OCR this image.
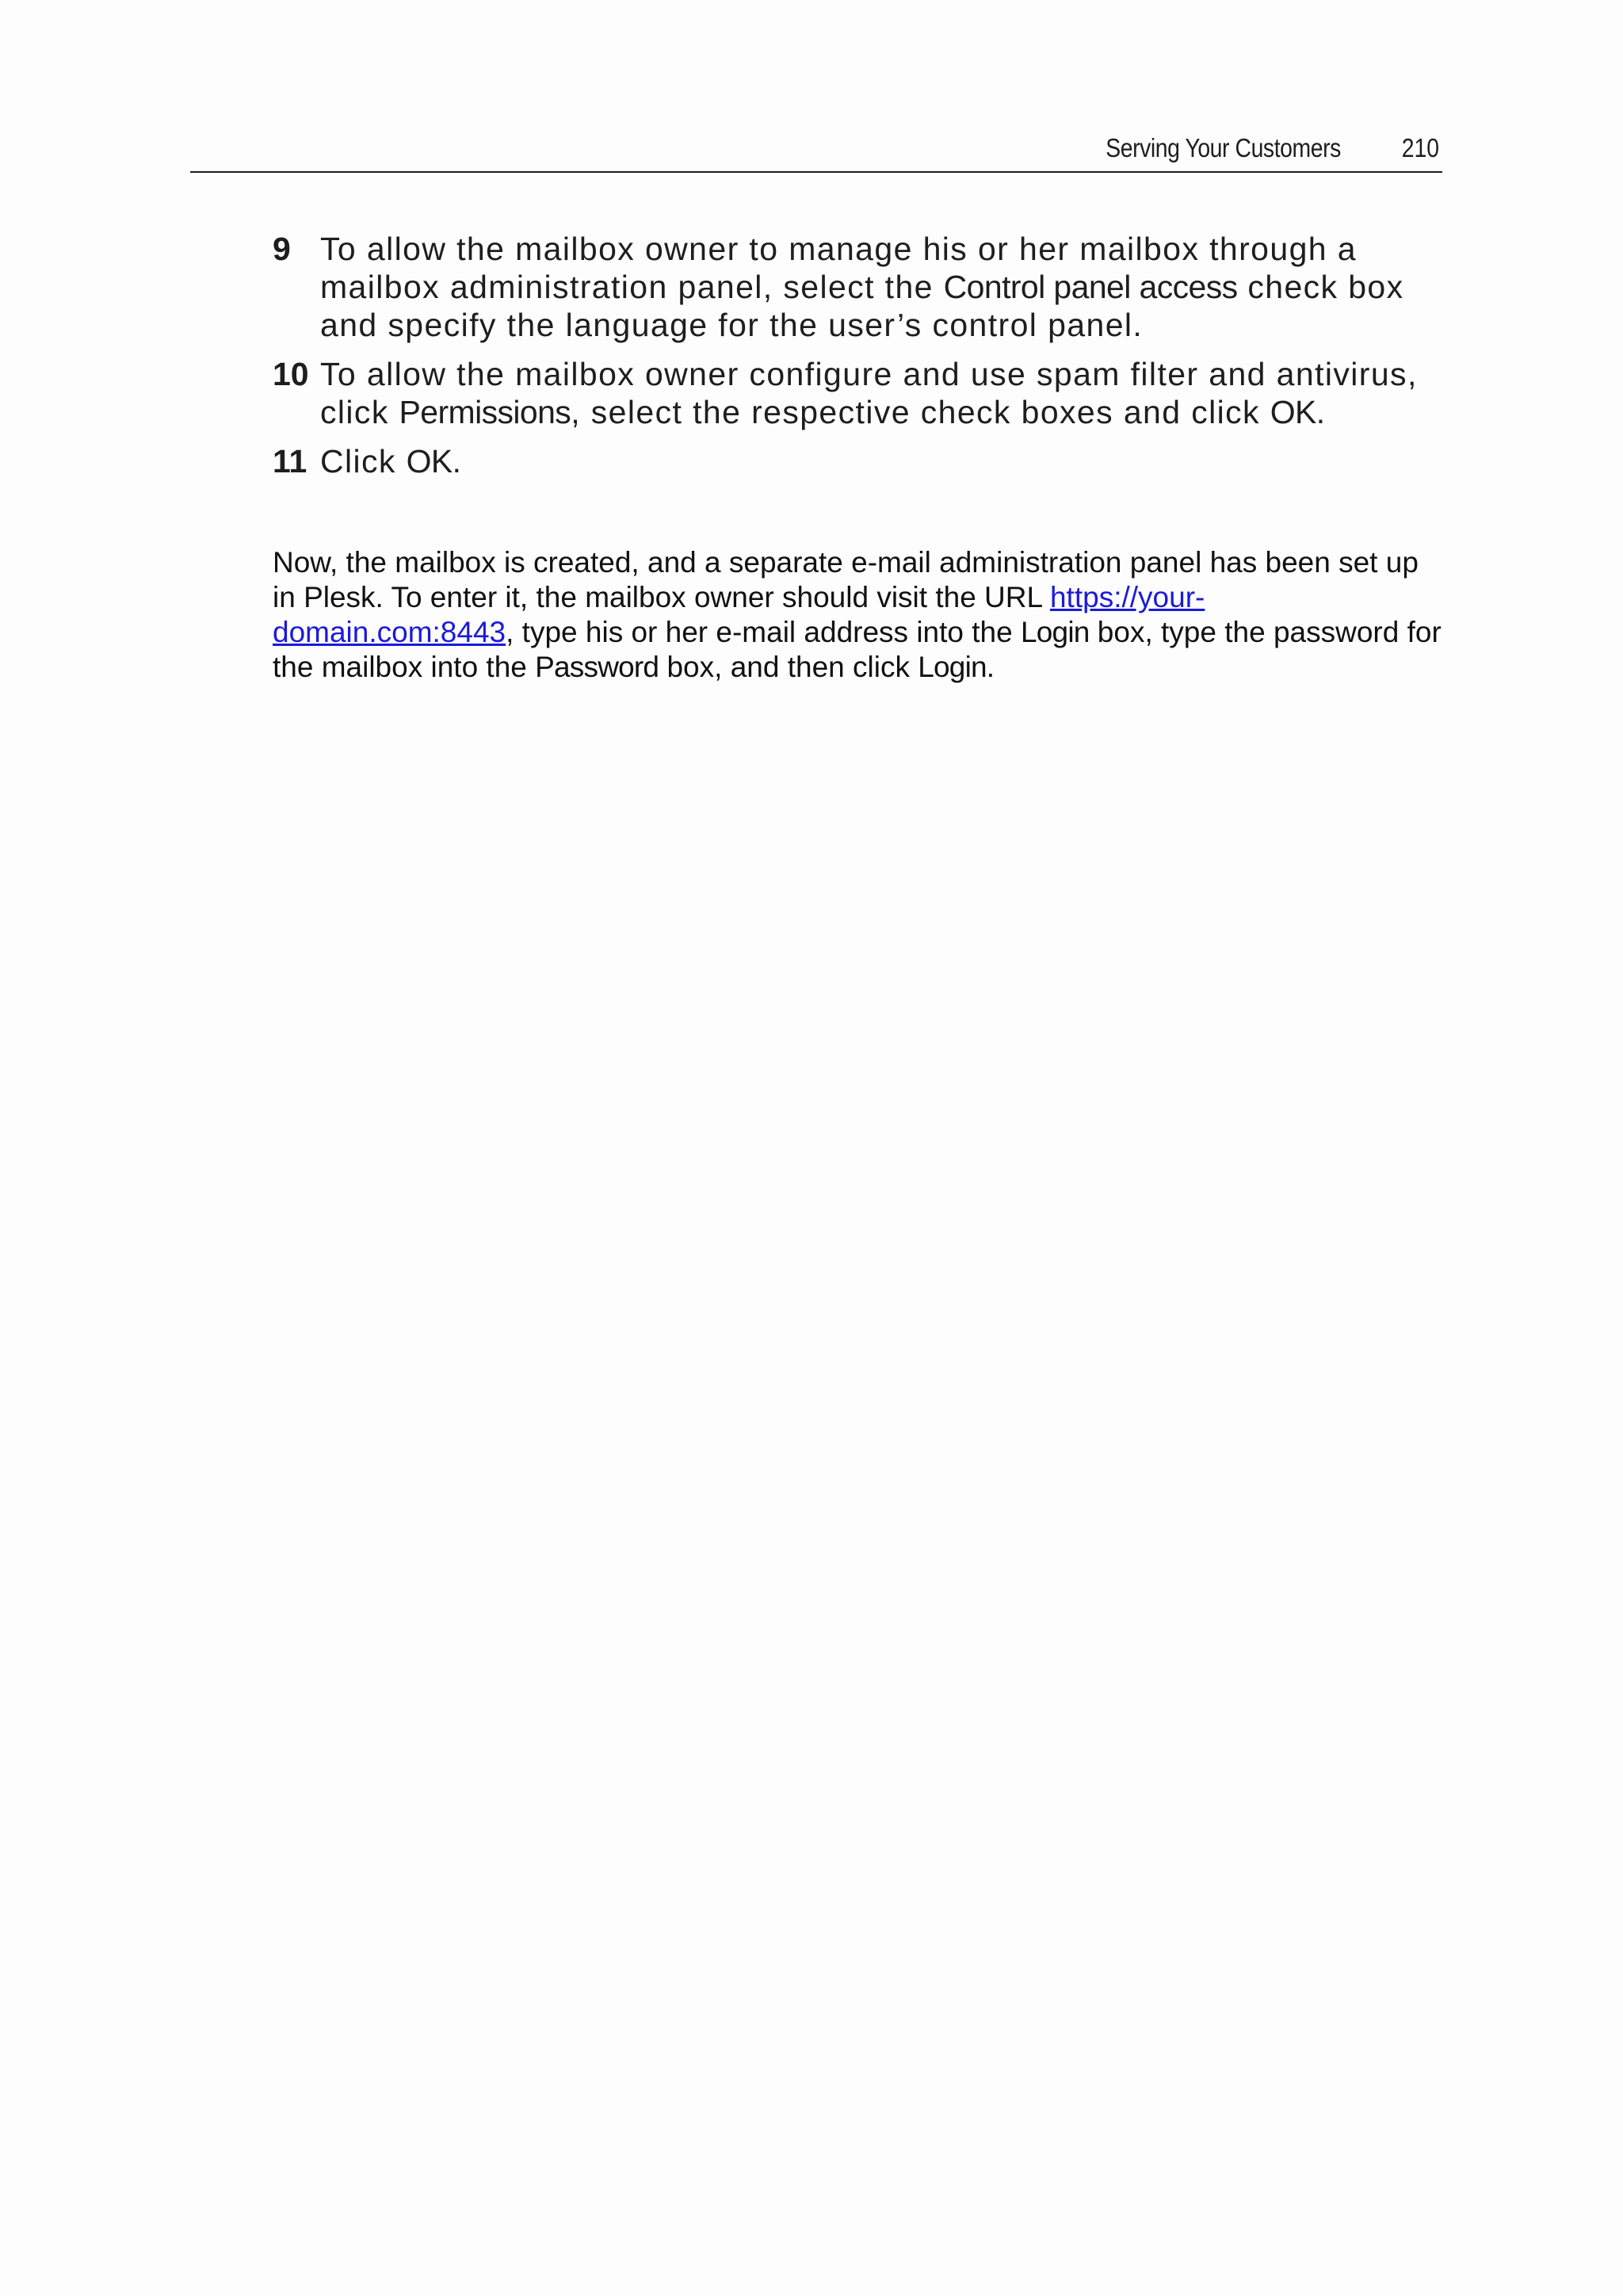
Serving Your Customers 210
9 To allow the mailbox owner to manage his or her mailbox through a mailbox administration panel, select the Control panel access check box and specify the language for the user’s control panel.
10 To allow the mailbox owner configure and use spam filter and antivirus, click Permissions, select the respective check boxes and click OK.
11 Click OK.

Now, the mailbox is created, and a separate e-mail administration panel has been set up in Plesk. To enter it, the mailbox owner should visit the URL https://your-domain.com:8443, type his or her e-mail address into the Login box, type the password for the mailbox into the Password box, and then click Login.
